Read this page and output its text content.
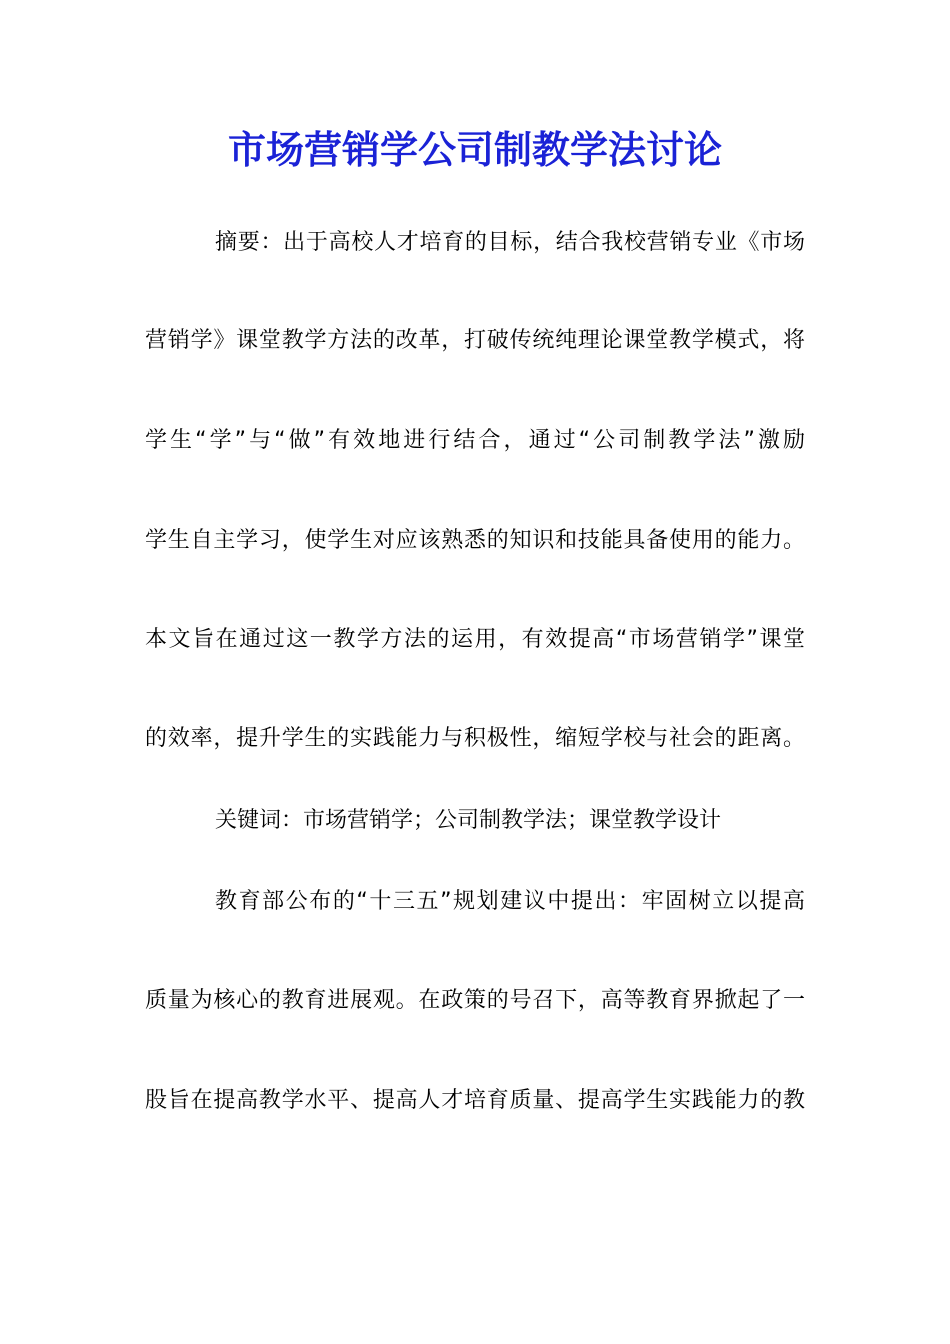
市场营销学公司制教学法讨论

摘要：出于高校人才培育的目标，结合我校营销专业《市场

营销学》课堂教学方法的改革，打破传统纯理论课堂教学模式，将

学生“学”与“做”有效地进行结合，通过“公司制教学法”激励

学生自主学习，使学生对应该熟悉的知识和技能具备使用的能力。

本文旨在通过这一教学方法的运用，有效提高“市场营销学”课堂

的效率，提升学生的实践能力与积极性，缩短学校与社会的距离。

关键词：市场营销学；公司制教学法；课堂教学设计

教育部公布的“十三五”规划建议中提出：牢固树立以提高

质量为核心的教育进展观。在政策的号召下，高等教育界掀起了一

股旨在提高教学水平、提高人才培育质量、提高学生实践能力的教
